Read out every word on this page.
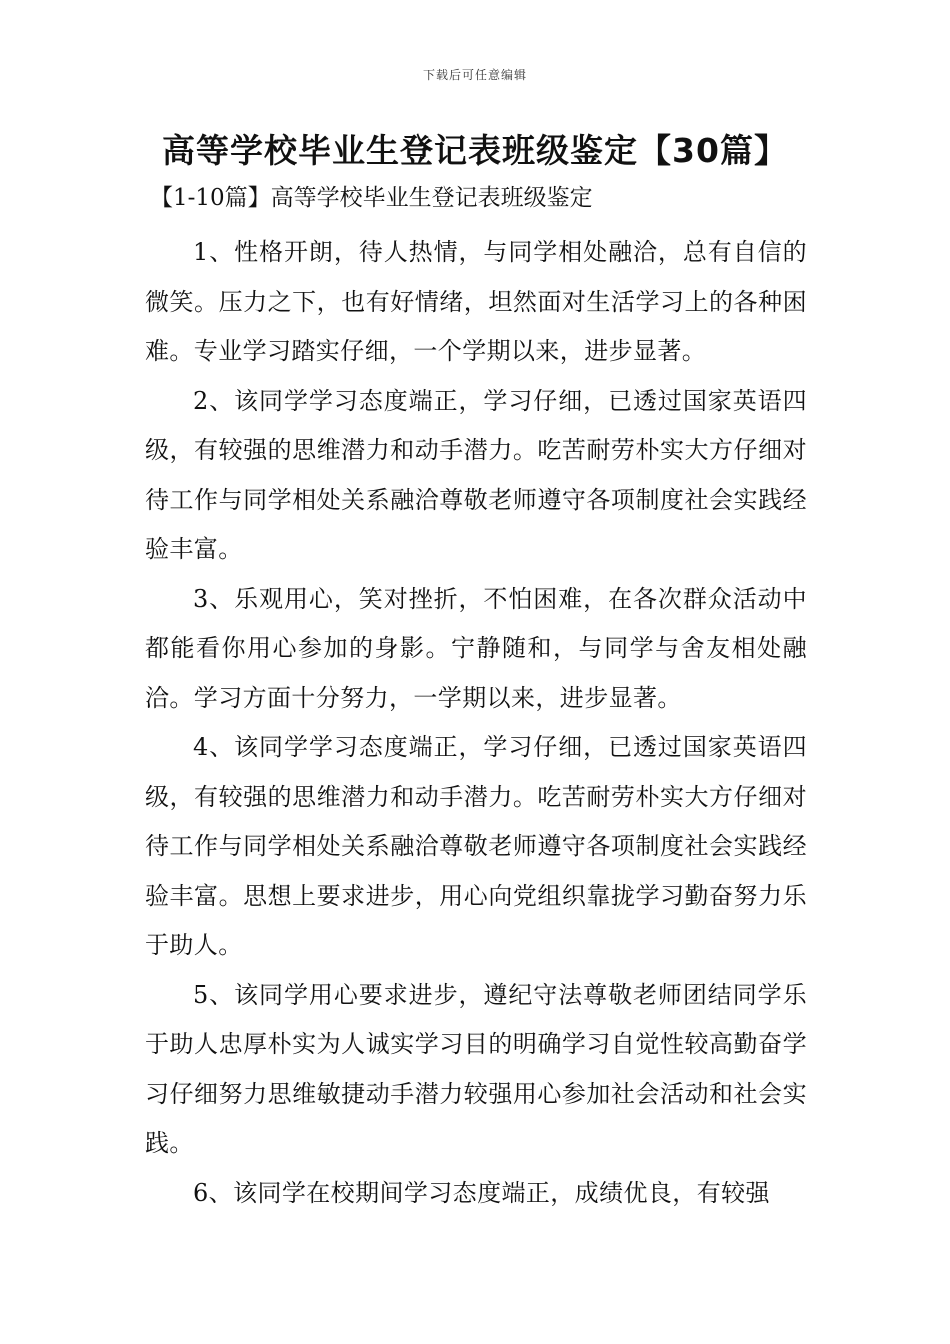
下载后可任意编辑
高等学校毕业生登记表班级鉴定【30篇】
【1-10篇】高等学校毕业生登记表班级鉴定

1、性格开朗，待人热情，与同学相处融洽，总有自信的微笑。压力之下，也有好情绪，坦然面对生活学习上的各种困难。专业学习踏实仔细，一个学期以来，进步显著。

2、该同学学习态度端正，学习仔细，已透过国家英语四级，有较强的思维潜力和动手潜力。吃苦耐劳朴实大方仔细对待工作与同学相处关系融洽尊敬老师遵守各项制度社会实践经验丰富。

3、乐观用心，笑对挫折，不怕困难，在各次群众活动中都能看你用心参加的身影。宁静随和，与同学与舍友相处融洽。学习方面十分努力，一学期以来，进步显著。

4、该同学学习态度端正，学习仔细，已透过国家英语四级，有较强的思维潜力和动手潜力。吃苦耐劳朴实大方仔细对待工作与同学相处关系融洽尊敬老师遵守各项制度社会实践经验丰富。思想上要求进步，用心向党组织靠拢学习勤奋努力乐于助人。

5、该同学用心要求进步，遵纪守法尊敬老师团结同学乐于助人忠厚朴实为人诚实学习目的明确学习自觉性较高勤奋学习仔细努力思维敏捷动手潜力较强用心参加社会活动和社会实践。

6、该同学在校期间学习态度端正，成绩优良，有较强
